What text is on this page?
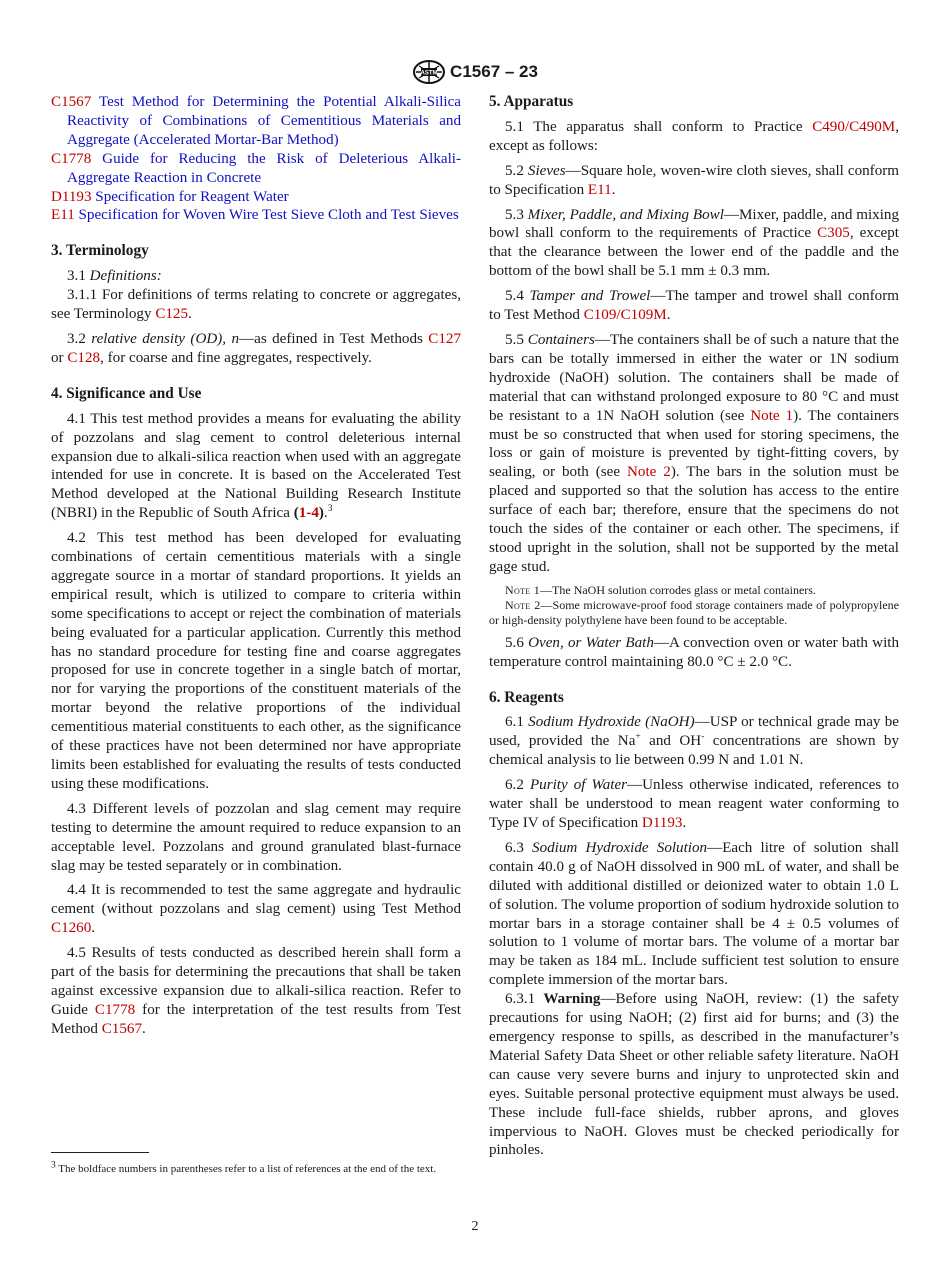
ASTM C1567 – 23

C1567 Test Method for Determining the Potential Alkali-Silica Reactivity of Combinations of Cementitious Materials and Aggregate (Accelerated Mortar-Bar Method)

C1778 Guide for Reducing the Risk of Deleterious Alkali-Aggregate Reaction in Concrete

D1193 Specification for Reagent Water

E11 Specification for Woven Wire Test Sieve Cloth and Test Sieves

3. Terminology

3.1 Definitions:

3.1.1 For definitions of terms relating to concrete or aggregates, see Terminology C125.

3.2 relative density (OD), n—as defined in Test Methods C127 or C128, for coarse and fine aggregates, respectively.

4. Significance and Use

4.1 This test method provides a means for evaluating the ability of pozzolans and slag cement to control deleterious internal expansion due to alkali-silica reaction when used with an aggregate intended for use in concrete. It is based on the Accelerated Test Method developed at the National Building Research Institute (NBRI) in the Republic of South Africa (1-4).$^3$

4.2 This test method has been developed for evaluating combinations of certain cementitious materials with a single aggregate source in a mortar of standard proportions. It yields an empirical result, which is utilized to compare to criteria within some specifications to accept or reject the combination of materials being evaluated for a particular application. Currently this method has no standard procedure for testing fine and coarse aggregates proposed for use in concrete together in a single batch of mortar, nor for varying the proportions of the constituent materials of the mortar beyond the relative proportions of the individual cementitious material constituents to each other, as the significance of these practices have not been determined nor have appropriate limits been established for evaluating the results of tests conducted using these modifications.

4.3 Different levels of pozzolan and slag cement may require testing to determine the amount required to reduce expansion to an acceptable level. Pozzolans and ground granulated blast-furnace slag may be tested separately or in combination.

4.4 It is recommended to test the same aggregate and hydraulic cement (without pozzolans and slag cement) using Test Method C1260.

4.5 Results of tests conducted as described herein shall form a part of the basis for determining the precautions that shall be taken against excessive expansion due to alkali-silica reaction. Refer to Guide C1778 for the interpretation of the test results from Test Method C1567.

$^3$ The boldface numbers in parentheses refer to a list of references at the end of the text.
5. Apparatus

5.1 The apparatus shall conform to Practice C490/C490M, except as follows:

5.2 Sieves—Square hole, woven-wire cloth sieves, shall conform to Specification E11.

5.3 Mixer, Paddle, and Mixing Bowl—Mixer, paddle, and mixing bowl shall conform to the requirements of Practice C305, except that the clearance between the lower end of the paddle and the bottom of the bowl shall be 5.1 mm ± 0.3 mm.

5.4 Tamper and Trowel—The tamper and trowel shall conform to Test Method C109/C109M.

5.5 Containers—The containers shall be of such a nature that the bars can be totally immersed in either the water or 1N sodium hydroxide (NaOH) solution. The containers shall be made of material that can withstand prolonged exposure to 80 °C and must be resistant to a 1N NaOH solution (see Note 1). The containers must be so constructed that when used for storing specimens, the loss or gain of moisture is prevented by tight-fitting covers, by sealing, or both (see Note 2). The bars in the solution must be placed and supported so that the solution has access to the entire surface of each bar; therefore, ensure that the specimens do not touch the sides of the container or each other. The specimens, if stood upright in the solution, shall not be supported by the metal gage stud.

Note 1—The NaOH solution corrodes glass or metal containers.

Note 2—Some microwave-proof food storage containers made of polypropylene or high-density polythylene have been found to be acceptable.

5.6 Oven, or Water Bath—A convection oven or water bath with temperature control maintaining 80.0 °C ± 2.0 °C.

6. Reagents

6.1 Sodium Hydroxide (NaOH)—USP or technical grade may be used, provided the Na+ and OH- concentrations are shown by chemical analysis to lie between 0.99 N and 1.01 N.

6.2 Purity of Water—Unless otherwise indicated, references to water shall be understood to mean reagent water conforming to Type IV of Specification D1193.

6.3 Sodium Hydroxide Solution—Each litre of solution shall contain 40.0 g of NaOH dissolved in 900 mL of water, and shall be diluted with additional distilled or deionized water to obtain 1.0 L of solution. The volume proportion of sodium hydroxide solution to mortar bars in a storage container shall be 4 ± 0.5 volumes of solution to 1 volume of mortar bars. The volume of a mortar bar may be taken as 184 mL. Include sufficient test solution to ensure complete immersion of the mortar bars.

6.3.1 Warning—Before using NaOH, review: (1) the safety precautions for using NaOH; (2) first aid for burns; and (3) the emergency response to spills, as described in the manufacturer’s Material Safety Data Sheet or other reliable safety literature. NaOH can cause very severe burns and injury to unprotected skin and eyes. Suitable personal protective equipment must always be used. These include full-face shields, rubber aprons, and gloves impervious to NaOH. Gloves must be checked periodically for pinholes.

2
